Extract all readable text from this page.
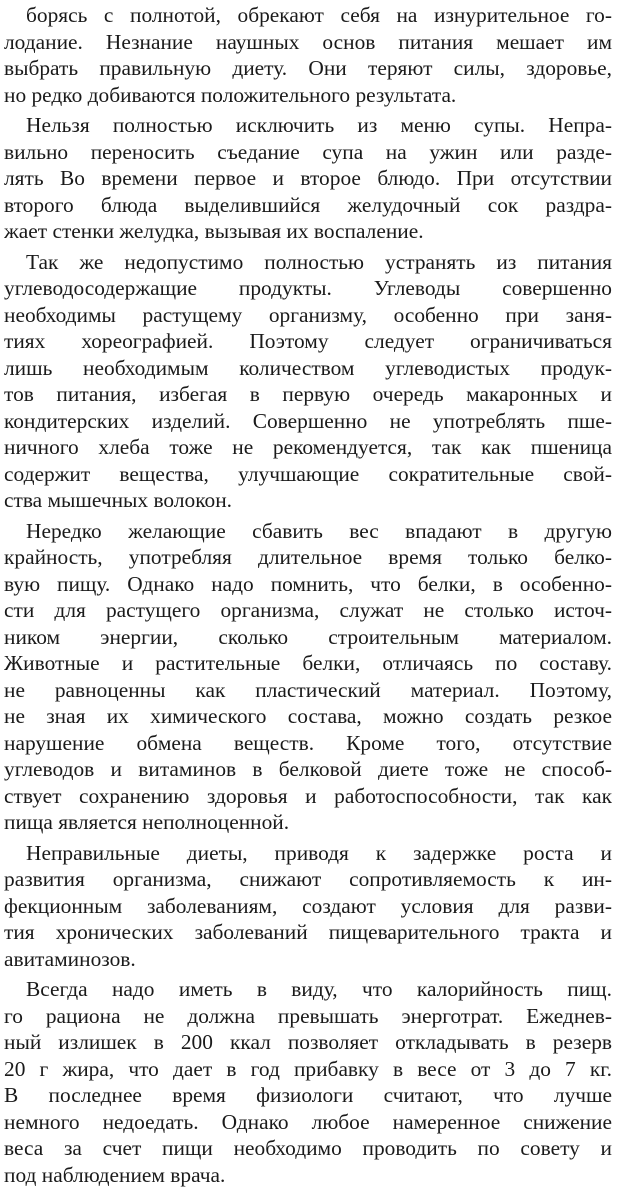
борясь с полнотой, обрекают себя на изнурительное го-
лодание. Незнание наушных основ питания мешает им
выбрать правильную диету. Они теряют силы, здоровье,
но редко добиваются положительного результата.
Нельзя полностью исключить из меню супы. Непра-
вильно переносить съедание супа на ужин или разде-
лять Во времени первое и второе блюдо. При отсутствии
второго блюда выделившийся желудочный сок раздра-
жает стенки желудка, вызывая их воспаление.
Так же недопустимо полностью устранять из питания
углеводосодержащие продукты. Углеводы совершенно
необходимы растущему организму, особенно при заня-
тиях хореографией. Поэтому следует ограничиваться
лишь необходимым количеством углеводистых продук-
тов питания, избегая в первую очередь макаронных и
кондитерских изделий. Совершенно не употреблять пше-
ничного хлеба тоже не рекомендуется, так как пшеница
содержит вещества, улучшающие сократительные свой-
ства мышечных волокон.
Нередко желающие сбавить вес впадают в другую
крайность, употребляя длительное время только белко-
вую пищу. Однако надо помнить, что белки, в особенно-
сти для растущего организма, служат не столько источ-
ником энергии, сколько строительным материалом.
Животные и растительные белки, отличаясь по составу.
не равноценны как пластический материал. Поэтому,
не зная их химического состава, можно создать резкое
нарушение обмена веществ. Кроме того, отсутствие
углеводов и витаминов в белковой диете тоже не способ-
ствует сохранению здоровья и работоспособности, так как
пища является неполноценной.
Неправильные диеты, приводя к задержке роста и
развития организма, снижают сопротивляемость к ин-
фекционным заболеваниям, создают условия для разви-
тия хронических заболеваний пищеварительного тракта и
авитаминозов.
Всегда надо иметь в виду, что калорийность пищ.
го рациона не должна превышать энерготрат. Ежеднев-
ный излишек в 200 ккал позволяет откладывать в резерв
20 г жира, что дает в год прибавку в весе от 3 до 7 кг.
В последнее время физиологи считают, что лучше
немного недоедать. Однако любое намеренное снижение
веса за счет пищи необходимо проводить по совету и
под наблюдением врача.
